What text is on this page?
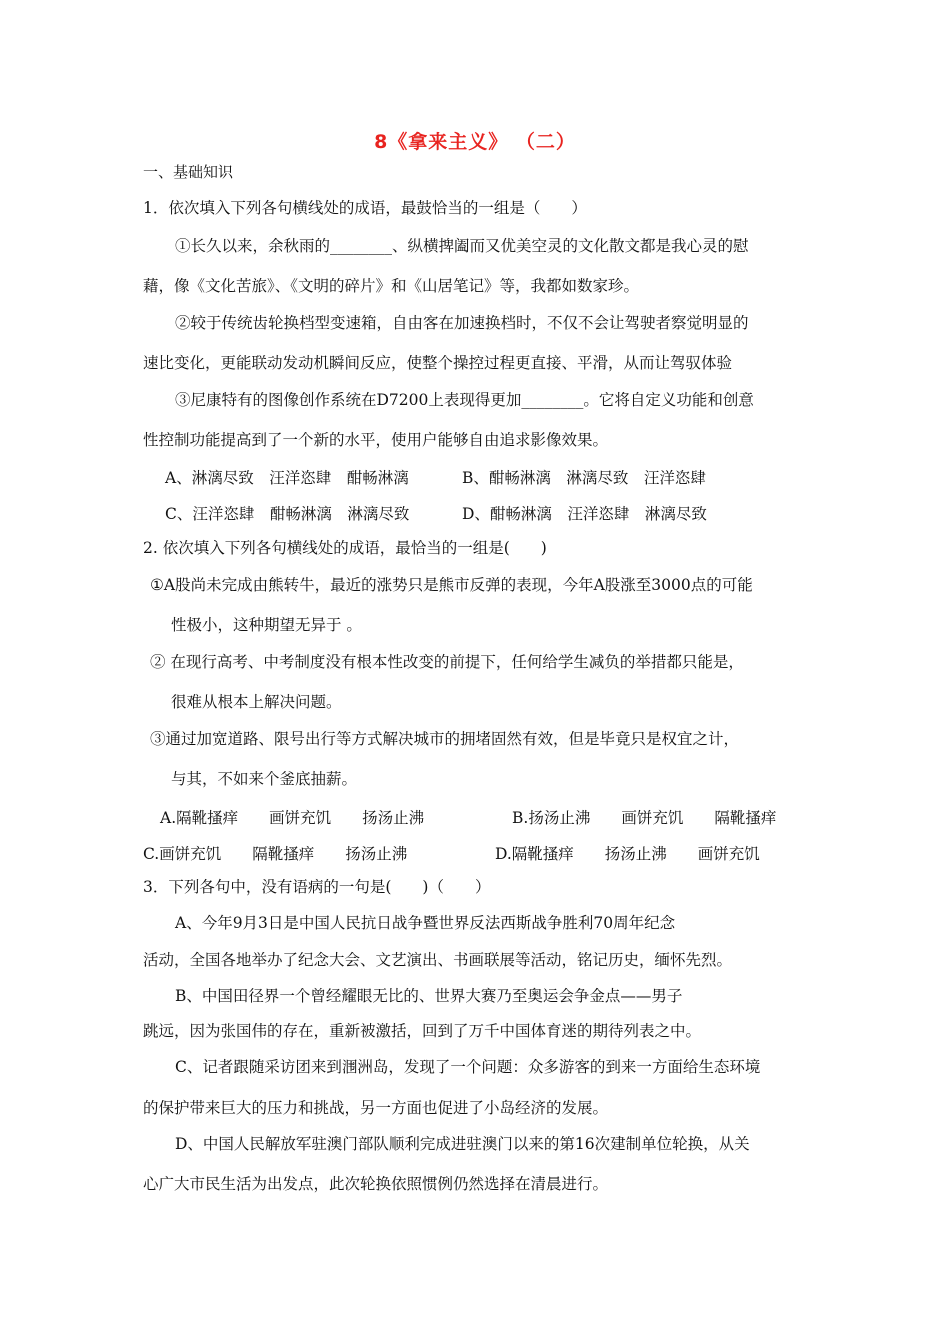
8《拿来主义》 （二）
一、基础知识
1．依次填入下列各句横线处的成语，最鼓恰当的一组是（　　）
①长久以来，余秋雨的________、纵横捭阖而又优美空灵的文化散文都是我心灵的慰
藉，像《文化苦旅》、《文明的碎片》和《山居笔记》等，我都如数家珍。
②较于传统齿轮换档型变速箱，自由客在加速换档时，不仅不会让驾驶者察觉明显的
速比变化，更能联动发动机瞬间反应，使整个操控过程更直接、平滑，从而让驾驭体验
③尼康特有的图像创作系统在D7200上表现得更加________。它将自定义功能和创意
性控制功能提高到了一个新的水平，使用户能够自由追求影像效果。
A、淋漓尽致　汪洋恣肆　酣畅淋漓	B、酣畅淋漓　淋漓尽致　汪洋恣肆
C、汪洋恣肆　酣畅淋漓　淋漓尽致	D、酣畅淋漓　汪洋恣肆　淋漓尽致
2. 依次填入下列各句横线处的成语，最恰当的一组是(　　)
①A股尚未完成由熊转牛，最近的涨势只是熊市反弹的表现，今年A股涨至3000点的可能
性极小，这种期望无异于 。
② 在现行高考、中考制度没有根本性改变的前提下，任何给学生减负的举措都只能是，
很难从根本上解决问题。
③通过加宽道路、限号出行等方式解决城市的拥堵固然有效，但是毕竟只是权宜之计，
与其，不如来个釜底抽薪。
A.隔靴搔痒　　画饼充饥　　扬汤止沸	B.扬汤止沸　　画饼充饥　　隔靴搔痒
C.画饼充饥　　隔靴搔痒　　扬汤止沸	D.隔靴搔痒　　扬汤止沸　　画饼充饥
3．下列各句中，没有语病的一句是(　　)（　　）
A、今年9月3日是中国人民抗日战争暨世界反法西斯战争胜利70周年纪念
活动，全国各地举办了纪念大会、文艺演出、书画联展等活动，铭记历史，缅怀先烈。
B、中国田径界一个曾经耀眼无比的、世界大赛乃至奥运会争金点——男子
跳远，因为张国伟的存在，重新被激括，回到了万千中国体育迷的期待列表之中。
C、记者跟随采访团来到涠洲岛，发现了一个问题：众多游客的到来一方面给生态环境
的保护带来巨大的压力和挑战，另一方面也促进了小岛经济的发展。
D、中国人民解放军驻澳门部队顺利完成进驻澳门以来的第16次建制单位轮换，从关
心广大市民生活为出发点，此次轮换依照惯例仍然选择在清晨进行。
